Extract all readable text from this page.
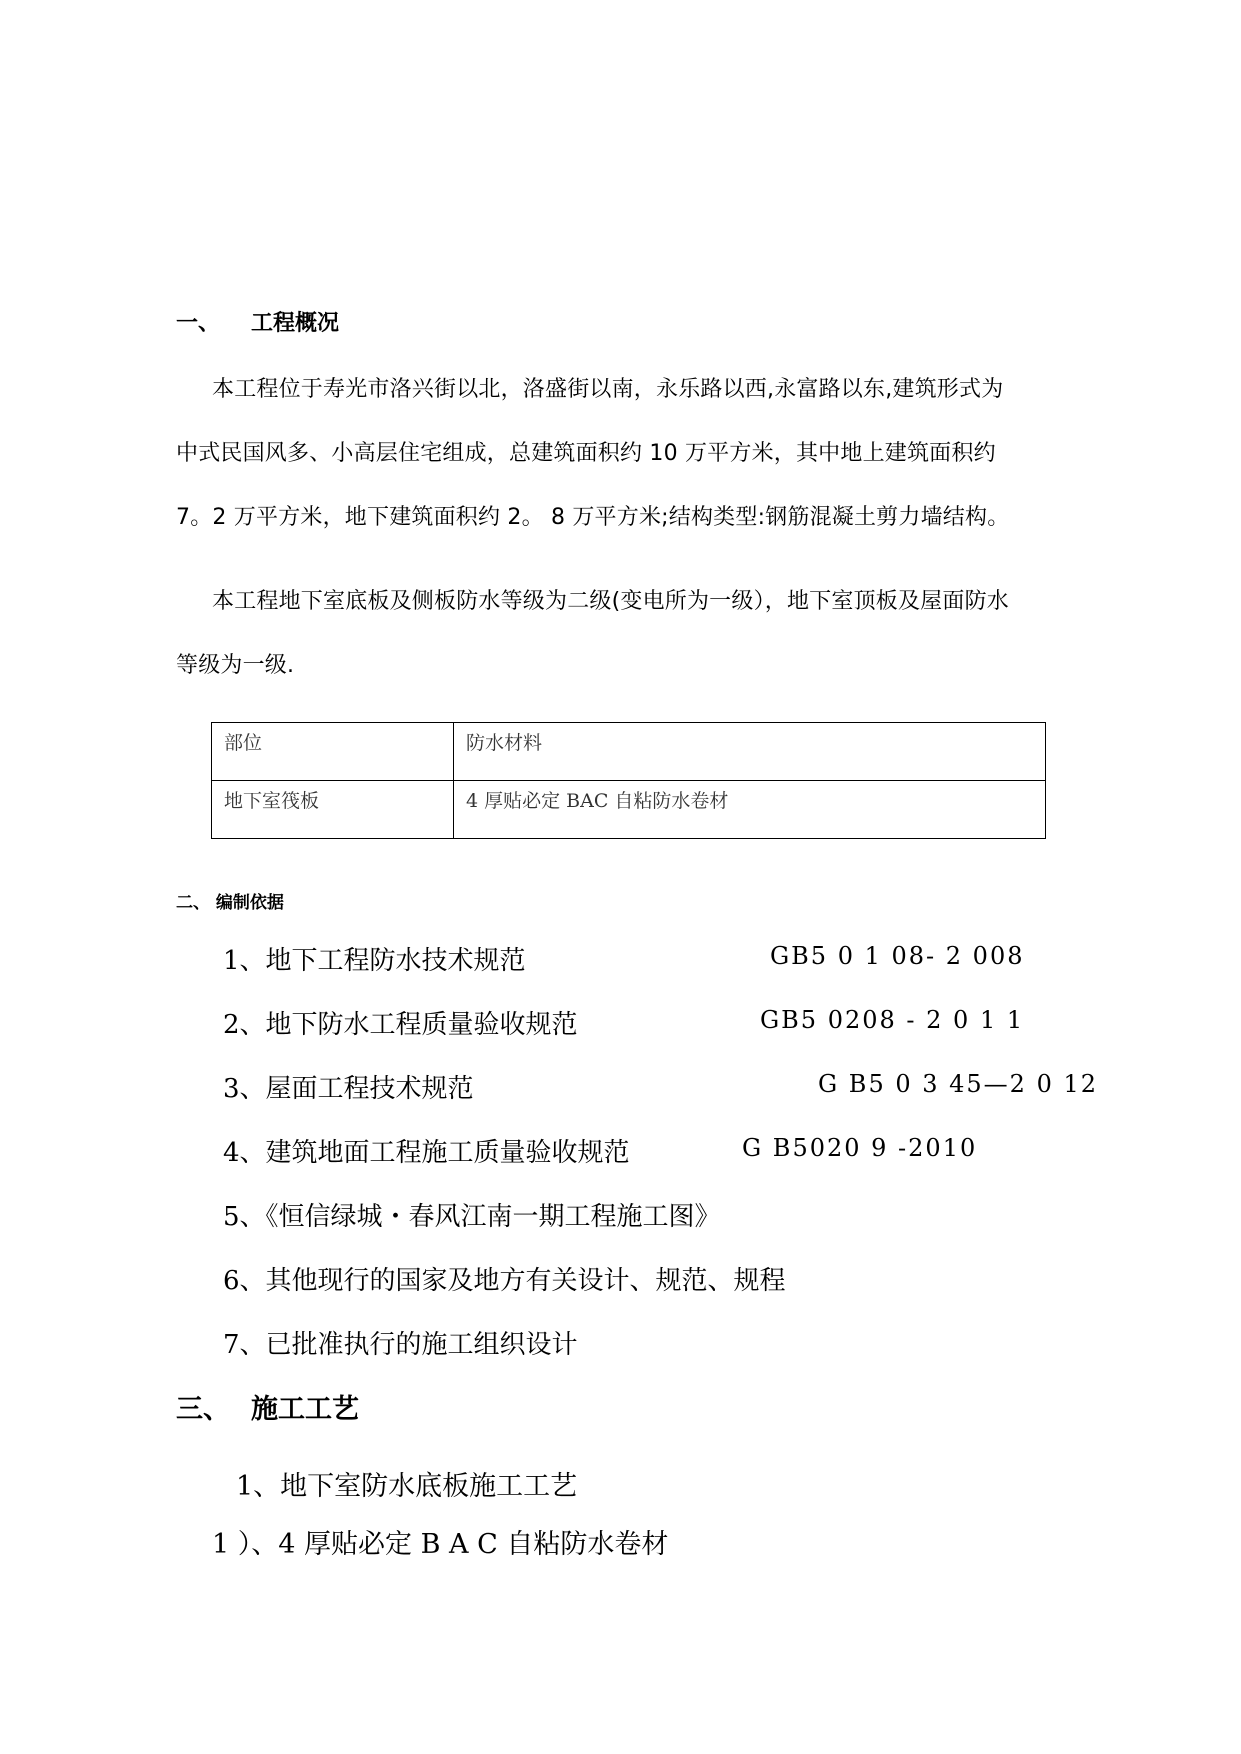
一、 工程概况
本工程位于寿光市洛兴街以北，洛盛街以南，永乐路以西,永富路以东,建筑形式为
中式民国风多、小高层住宅组成，总建筑面积约 10 万平方米，其中地上建筑面积约
7。2 万平方米，地下建筑面积约 2。 8 万平方米;结构类型:钢筋混凝土剪力墙结构。
本工程地下室底板及侧板防水等级为二级(变电所为一级），地下室顶板及屋面防水
等级为一级.
部位	防水材料
地下室筏板	4 厚贴必定 BAC 自粘防水卷材
二、 编制依据
1、地下工程防水技术规范	GB5 0 1 08- 2 008
2、地下防水工程质量验收规范	GB5 0208 - 2 0 1 1
3、屋面工程技术规范	G B5 0 3 45—2 0 12
4、建筑地面工程施工质量验收规范	G B5020 9 -2010
5、《恒信绿城・春风江南一期工程施工图》
6、其他现行的国家及地方有关设计、规范、规程
7、已批准执行的施工组织设计
三、 施工工艺
1、地下室防水底板施工工艺
1 ）、4 厚贴必定 B A C 自粘防水卷材
